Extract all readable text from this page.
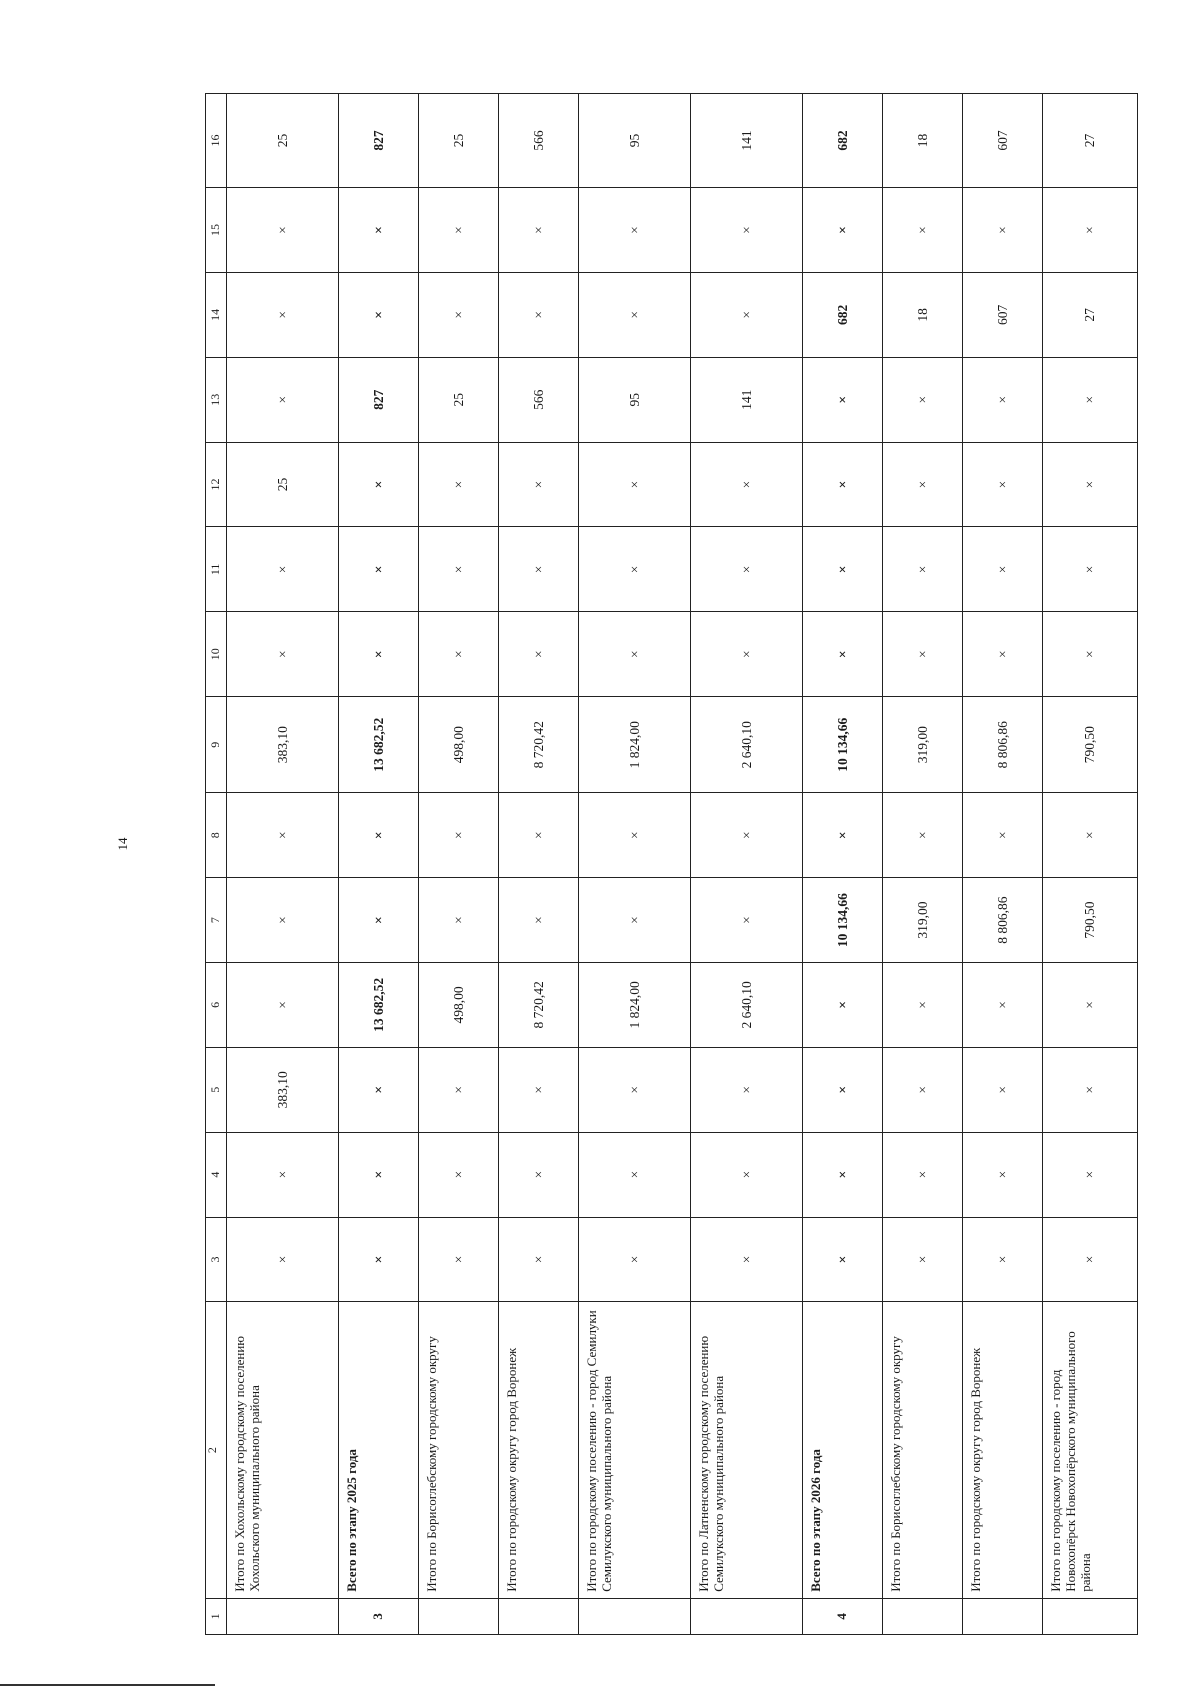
14
1	2	3	4	5	6	7	8	9	10	11	12	13	14	15	16
	Итого по Хохольскому городскому поселению Хохольского муниципального района	×	×	383,10	×	×	×	383,10	×	×	25	×	×	×	25
3	Всего по этапу 2025 года	×	×	×	13 682,52	×	×	13 682,52	×	×	×	827	×	×	827
	Итого по Борисоглебскому городскому округу	×	×	×	498,00	×	×	498,00	×	×	×	25	×	×	25
	Итого по городскому округу город Воронеж	×	×	×	8 720,42	×	×	8 720,42	×	×	×	566	×	×	566
	Итого по городскому поселению - город Семилуки Семилукского муниципального района	×	×	×	1 824,00	×	×	1 824,00	×	×	×	95	×	×	95
	Итого по Латненскому городскому поселению Семилукского муниципального района	×	×	×	2 640,10	×	×	2 640,10	×	×	×	141	×	×	141
4	Всего по этапу 2026 года	×	×	×	×	10 134,66	×	10 134,66	×	×	×	×	682	×	682
	Итого по Борисоглебскому городскому округу	×	×	×	×	319,00	×	319,00	×	×	×	×	18	×	18
	Итого по городскому округу город Воронеж	×	×	×	×	8 806,86	×	8 806,86	×	×	×	×	607	×	607
	Итого по городскому поселению - город Новохопёрск Новохопёрского муниципального района	×	×	×	×	790,50	×	790,50	×	×	×	×	27	×	27
